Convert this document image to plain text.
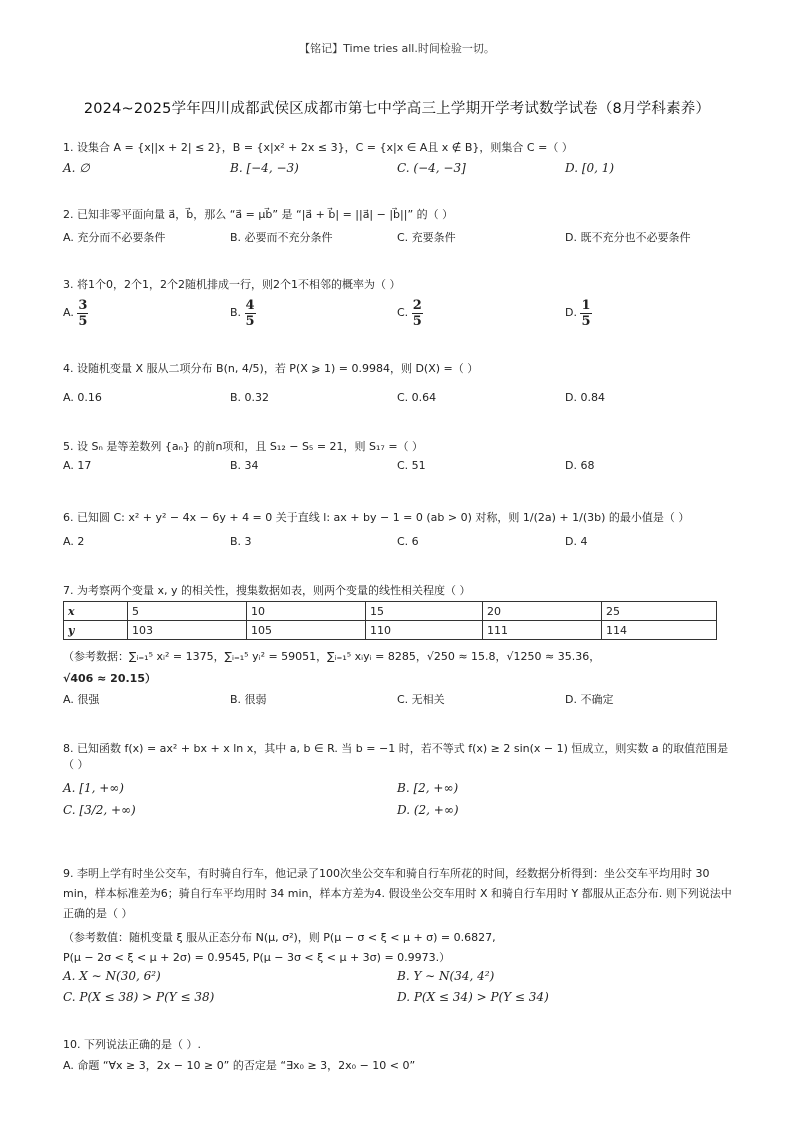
【铭记】Time tries all.时间检验一切。
2024~2025学年四川成都武侯区成都市第七中学高三上学期开学考试数学试卷（8月学科素养）
1. 设集合 A = {x||x + 2| ≤ 2}，B = {x|x² + 2x ≤ 3}，C = {x|x ∈ A且 x ∉ B}，则集合 C =（ ）
A. ∅	B. [−4, −3)	C. (−4, −3]	D. [0, 1)
2. 已知非零平面向量 a⃗，b⃗，那么 “a⃗ = μb⃗” 是 “|a⃗ + b⃗| = ||a⃗| − |b⃗||” 的（ ）
A. 充分而不必要条件	B. 必要而不充分条件	C. 充要条件	D. 既不充分也不必要条件
3. 将1个0，2个1，2个2随机排成一行，则2个1不相邻的概率为（ ）
A. $\frac{3}{5}$	B. $\frac{4}{5}$	C. $\frac{2}{5}$	D. $\frac{1}{5}$
4. 设随机变量 X 服从二项分布 B(n, 4/5)，若 P(X ⩾ 1) = 0.9984，则 D(X) =（ ）
A. 0.16	B. 0.32	C. 0.64	D. 0.84
5. 设 Sₙ 是等差数列 {aₙ} 的前n项和，且 S₁₂ − S₅ = 21，则 S₁₇ =（ ）
A. 17	B. 34	C. 51	D. 68
6. 已知圆 C: x² + y² − 4x − 6y + 4 = 0 关于直线 l: ax + by − 1 = 0 (ab > 0) 对称，则 1/(2a) + 1/(3b) 的最小值是（ ）
A. 2	B. 3	C. 6	D. 4
7. 为考察两个变量 x, y 的相关性，搜集数据如表，则两个变量的线性相关程度（ ）
x	5	10	15	20	25
y	103	105	110	111	114
（参考数据：∑ᵢ₌₁⁵ xᵢ² = 1375，∑ᵢ₌₁⁵ yᵢ² = 59051，∑ᵢ₌₁⁵ xᵢyᵢ = 8285，√250 ≈ 15.8，√1250 ≈ 35.36，
√406 ≈ 20.15）
A. 很强	B. 很弱	C. 无相关	D. 不确定
8. 已知函数 f(x) = ax² + bx + x ln x，其中 a, b ∈ R. 当 b = −1 时，若不等式 f(x) ≥ 2 sin(x − 1) 恒成立，则实数 a 的取值范围是（ ）
A. [1, +∞)	B. [2, +∞)
C. [3/2, +∞)	D. (2, +∞)
9. 李明上学有时坐公交车，有时骑自行车，他记录了100次坐公交车和骑自行车所花的时间，经数据分析得到：坐公交车平均用时 30 min，样本标准差为6；骑自行车平均用时 34 min，样本方差为4. 假设坐公交车用时 X 和骑自行车用时 Y 都服从正态分布. 则下列说法中正确的是（ ）
（参考数值：随机变量 ξ 服从正态分布 N(μ, σ²)，则 P(μ − σ < ξ < μ + σ) = 0.6827,
P(μ − 2σ < ξ < μ + 2σ) = 0.9545, P(μ − 3σ < ξ < μ + 3σ) = 0.9973.）
A. X ∼ N(30, 6²)	B. Y ∼ N(34, 4²)
C. P(X ≤ 38) > P(Y ≤ 38)	D. P(X ≤ 34) > P(Y ≤ 34)
10. 下列说法正确的是（ ）.
A. 命题 “∀x ≥ 3，2x − 10 ≥ 0” 的否定是 “∃x₀ ≥ 3，2x₀ − 10 < 0”
